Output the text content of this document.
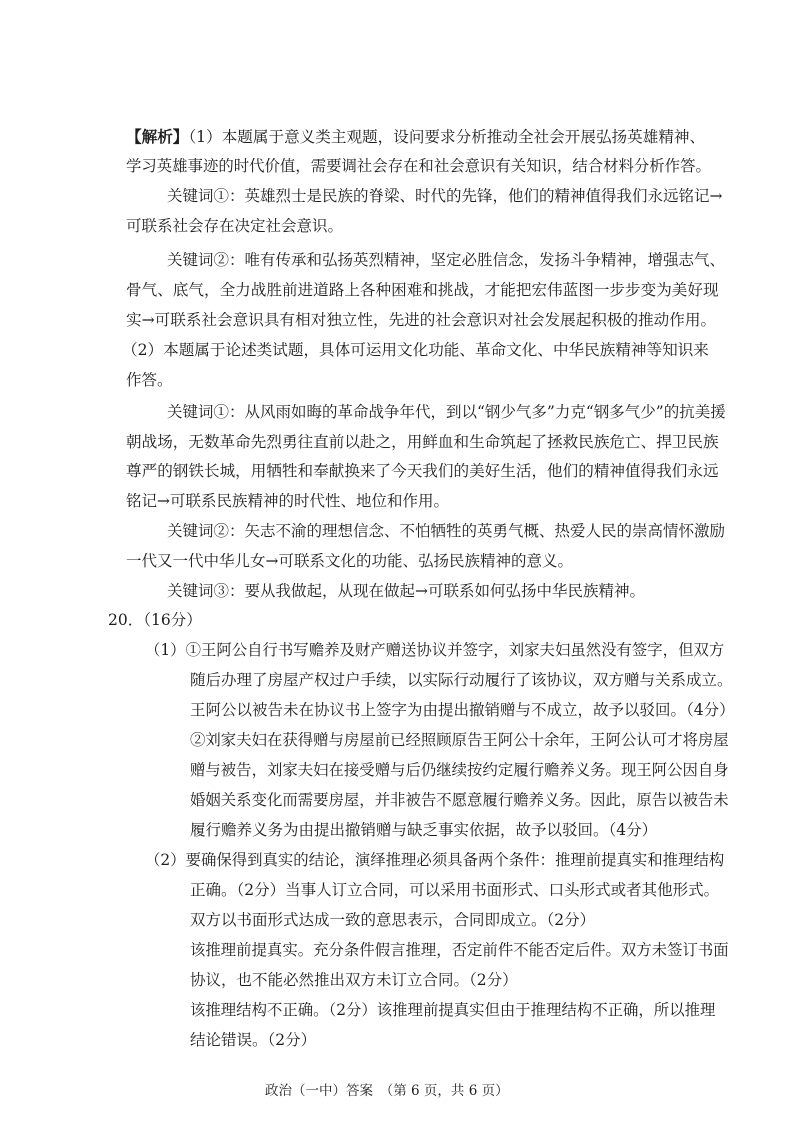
【解析】（1）本题属于意义类主观题，设问要求分析推动全社会开展弘扬英雄精神、

学习英雄事迹的时代价值，需要调社会存在和社会意识有关知识，结合材料分析作答。

关键词①：英雄烈士是民族的脊梁、时代的先锋，他们的精神值得我们永远铭记→

可联系社会存在决定社会意识。

关键词②：唯有传承和弘扬英烈精神，坚定必胜信念，发扬斗争精神，增强志气、

骨气、底气，全力战胜前进道路上各种困难和挑战，才能把宏伟蓝图一步步变为美好现

实→可联系社会意识具有相对独立性，先进的社会意识对社会发展起积极的推动作用。

（2）本题属于论述类试题，具体可运用文化功能、革命文化、中华民族精神等知识来

作答。

关键词①：从风雨如晦的革命战争年代，到以“钢少气多”力克“钢多气少”的抗美援

朝战场，无数革命先烈勇往直前以赴之，用鲜血和生命筑起了拯救民族危亡、捍卫民族

尊严的钢铁长城，用牺牲和奉献换来了今天我们的美好生活，他们的精神值得我们永远

铭记→可联系民族精神的时代性、地位和作用。

关键词②：矢志不渝的理想信念、不怕牺牲的英勇气概、热爱人民的崇高情怀激励

一代又一代中华儿女→可联系文化的功能、弘扬民族精神的意义。

关键词③：要从我做起，从现在做起→可联系如何弘扬中华民族精神。

20．（16分）

（1）①王阿公自行书写赡养及财产赠送协议并签字，刘家夫妇虽然没有签字，但双方

随后办理了房屋产权过户手续，以实际行动履行了该协议，双方赠与关系成立。

王阿公以被告未在协议书上签字为由提出撤销赠与不成立，故予以驳回。（4分）

②刘家夫妇在获得赠与房屋前已经照顾原告王阿公十余年，王阿公认可才将房屋

赠与被告，刘家夫妇在接受赠与后仍继续按约定履行赡养义务。现王阿公因自身

婚姻关系变化而需要房屋，并非被告不愿意履行赡养义务。因此，原告以被告未

履行赡养义务为由提出撤销赠与缺乏事实依据，故予以驳回。（4分）

（2）要确保得到真实的结论，演绎推理必须具备两个条件：推理前提真实和推理结构

正确。（2分）当事人订立合同，可以采用书面形式、口头形式或者其他形式。

双方以书面形式达成一致的意思表示，合同即成立。（2分）

该推理前提真实。充分条件假言推理，否定前件不能否定后件。双方未签订书面

协议，也不能必然推出双方未订立合同。（2分）

该推理结构不正确。（2分）该推理前提真实但由于推理结构不正确，所以推理

结论错误。（2分）

政治（一中）答案　（第 6 页，共 6 页）
